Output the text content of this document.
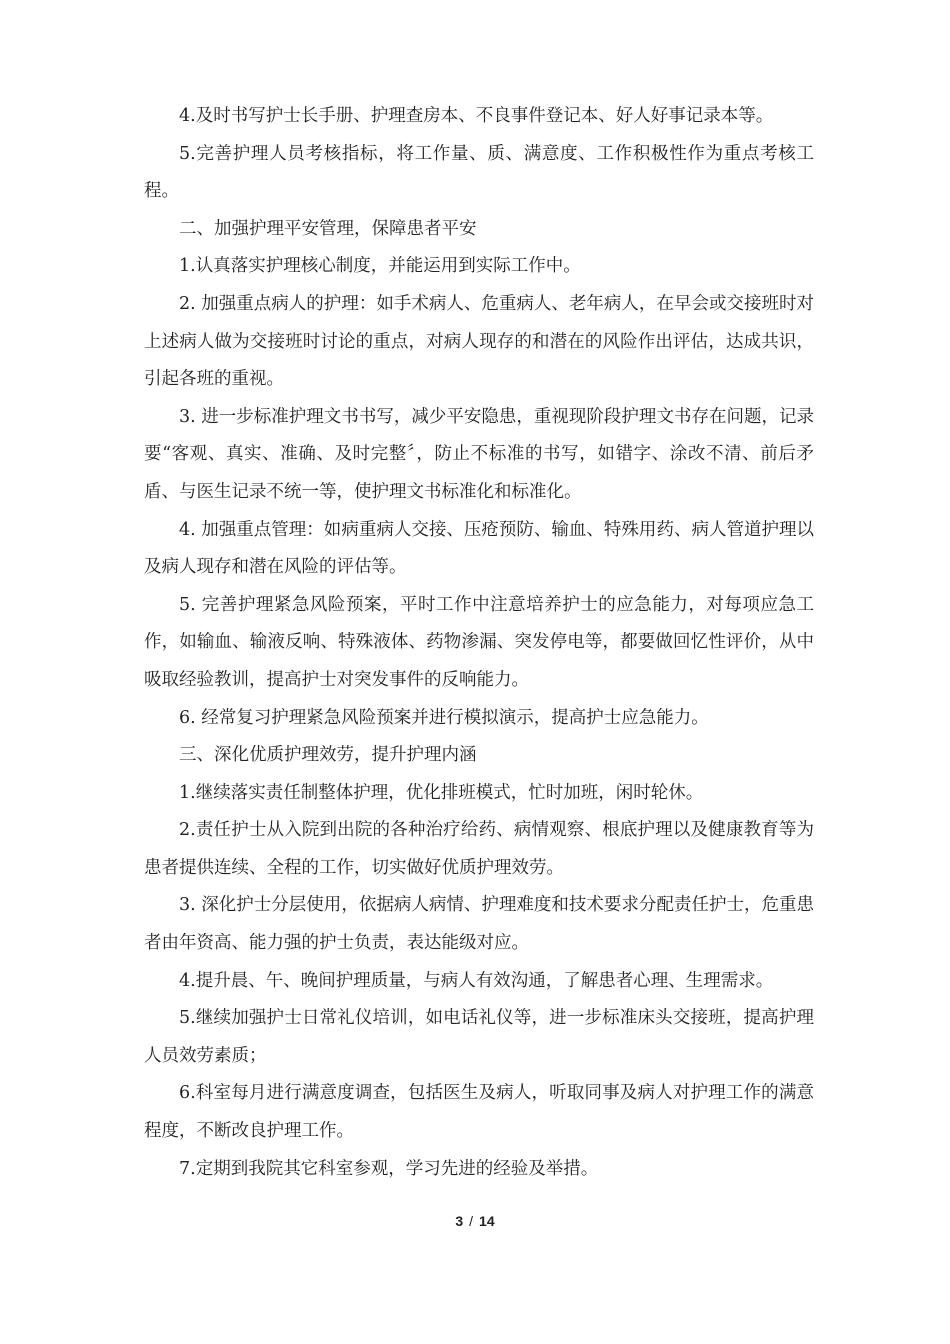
4.及时书写护士长手册、护理查房本、不良事件登记本、好人好事记录本等。

5.完善护理人员考核指标，将工作量、质、满意度、工作积极性作为重点考核工程。

二、加强护理平安管理，保障患者平安

1.认真落实护理核心制度，并能运用到实际工作中。

2. 加强重点病人的护理：如手术病人、危重病人、老年病人，在早会或交接班时对上述病人做为交接班时讨论的重点，对病人现存的和潜在的风险作出评估，达成共识，引起各班的重视。

3. 进一步标准护理文书书写，减少平安隐患，重视现阶段护理文书存在问题，记录要“客观、真实、准确、及时完整〞，防止不标准的书写，如错字、涂改不清、前后矛盾、与医生记录不统一等，使护理文书标准化和标准化。

4. 加强重点管理：如病重病人交接、压疮预防、输血、特殊用药、病人管道护理以及病人现存和潜在风险的评估等。

5. 完善护理紧急风险预案，平时工作中注意培养护士的应急能力，对每项应急工作，如输血、输液反响、特殊液体、药物渗漏、突发停电等，都要做回忆性评价，从中吸取经验教训，提高护士对突发事件的反响能力。

6. 经常复习护理紧急风险预案并进行模拟演示，提高护士应急能力。

三、深化优质护理效劳，提升护理内涵

1.继续落实责任制整体护理，优化排班模式，忙时加班，闲时轮休。

2.责任护士从入院到出院的各种治疗给药、病情观察、根底护理以及健康教育等为患者提供连续、全程的工作，切实做好优质护理效劳。

3. 深化护士分层使用，依据病人病情、护理难度和技术要求分配责任护士，危重患者由年资高、能力强的护士负责，表达能级对应。

4.提升晨、午、晚间护理质量，与病人有效沟通，了解患者心理、生理需求。

5.继续加强护士日常礼仪培训，如电话礼仪等，进一步标准床头交接班，提高护理人员效劳素质；

6.科室每月进行满意度调查，包括医生及病人，听取同事及病人对护理工作的满意程度，不断改良护理工作。

7.定期到我院其它科室参观，学习先进的经验及举措。

3 / 14
